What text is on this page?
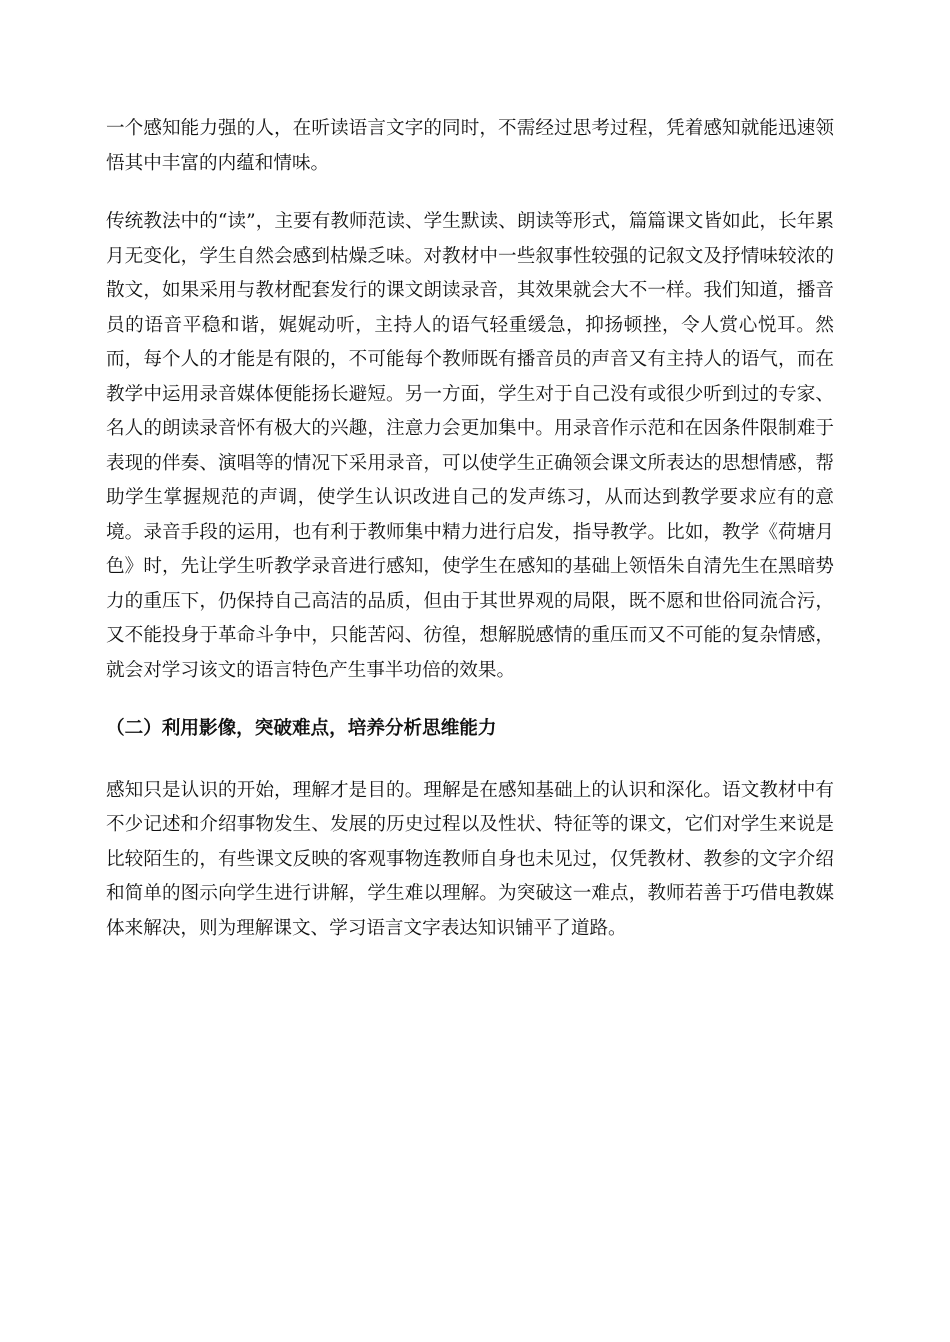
一个感知能力强的人，在听读语言文字的同时，不需经过思考过程，凭着感知就能迅速领悟其中丰富的内蕴和情味。

传统教法中的“读”，主要有教师范读、学生默读、朗读等形式，篇篇课文皆如此，长年累月无变化，学生自然会感到枯燥乏味。对教材中一些叙事性较强的记叙文及抒情味较浓的散文，如果采用与教材配套发行的课文朗读录音，其效果就会大不一样。我们知道，播音员的语音平稳和谐，娓娓动听，主持人的语气轻重缓急，抑扬顿挫，令人赏心悦耳。然而，每个人的才能是有限的，不可能每个教师既有播音员的声音又有主持人的语气，而在教学中运用录音媒体便能扬长避短。另一方面，学生对于自己没有或很少听到过的专家、名人的朗读录音怀有极大的兴趣，注意力会更加集中。用录音作示范和在因条件限制难于表现的伴奏、演唱等的情况下采用录音，可以使学生正确领会课文所表达的思想情感，帮助学生掌握规范的声调，使学生认识改进自己的发声练习，从而达到教学要求应有的意境。录音手段的运用，也有利于教师集中精力进行启发，指导教学。比如，教学《荷塘月色》时，先让学生听教学录音进行感知，使学生在感知的基础上领悟朱自清先生在黑暗势力的重压下，仍保持自己高洁的品质，但由于其世界观的局限，既不愿和世俗同流合污，又不能投身于革命斗争中，只能苦闷、彷徨，想解脱感情的重压而又不可能的复杂情感，就会对学习该文的语言特色产生事半功倍的效果。

（二）利用影像，突破难点，培养分析思维能力

感知只是认识的开始，理解才是目的。理解是在感知基础上的认识和深化。语文教材中有不少记述和介绍事物发生、发展的历史过程以及性状、特征等的课文，它们对学生来说是比较陌生的，有些课文反映的客观事物连教师自身也未见过，仅凭教材、教参的文字介绍和简单的图示向学生进行讲解，学生难以理解。为突破这一难点，教师若善于巧借电教媒体来解决，则为理解课文、学习语言文字表达知识铺平了道路。
